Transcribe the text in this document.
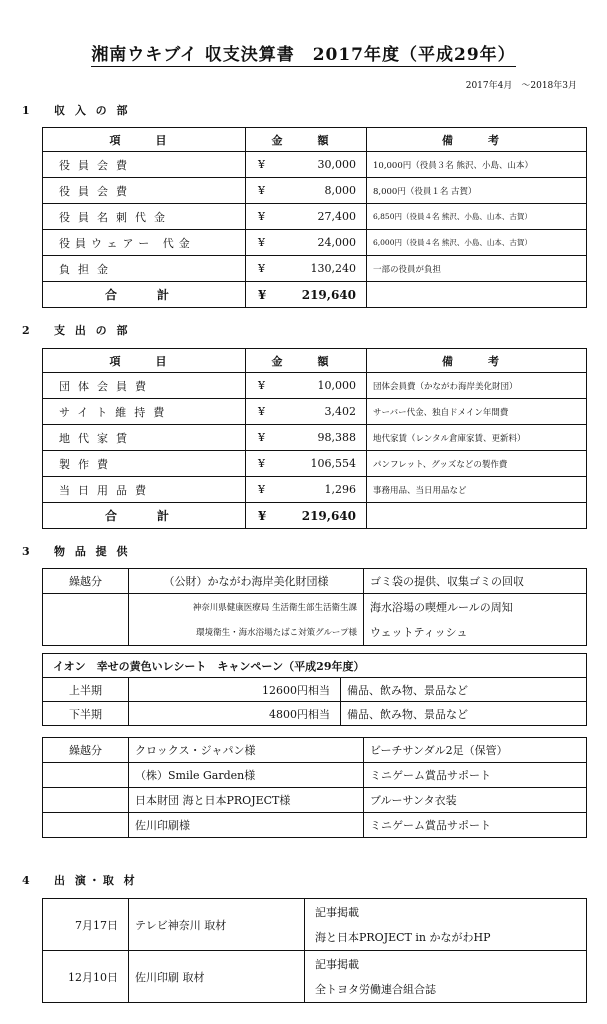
湘南ウキブイ 収支決算書　2017年度（平成29年）
2017年4月　～2018年3月
1 収 入 の 部
項　目	金　額	備　考
役員会費	¥ 30,000	10,000円（役員３名 熊沢、小島、山本）
役員会費	¥ 8,000	8,000円（役員１名 古賀）
役員名刺代金	¥ 27,400	6,850円（役員４名 熊沢、小島、山本、古賀）
役員ウェアー 代金	¥ 24,000	6,000円（役員４名 熊沢、小島、山本、古賀）
負担金	¥ 130,240	一部の役員が負担
合　計	¥ 219,640	
2 支 出 の 部
項　目	金　額	備　考
団体会員費	¥ 10,000	団体会員費（かながわ海岸美化財団）
サイト維持費	¥ 3,402	サーバー代金、独自ドメイン年間費
地代家賃	¥ 98,388	地代家賃（レンタル倉庫家賃、更新料）
製作費	¥ 106,554	パンフレット、グッズなどの製作費
当日用品費	¥ 1,296	事務用品、当日用品など
合　計	¥ 219,640	
3 物 品 提 供
繰越分	（公財）かながわ海岸美化財団様	ゴミ袋の提供、収集ゴミの回収
	神奈川県健康医療局 生活衛生部生活衛生課	海水浴場の喫煙ルールの周知
	環境衛生・海水浴場たばこ対策グループ様	ウェットティッシュ
イオン　幸せの黄色いレシート　キャンペーン（平成29年度）		
上半期	12600円相当	備品、飲み物、景品など
下半期	4800円相当	備品、飲み物、景品など
繰越分	クロックス・ジャパン様	ビーチサンダル2足（保管）
	（株）Smile Garden様	ミニゲーム賞品サポート
	日本財団 海と日本PROJECT様	ブルーサンタ衣装
	佐川印刷様	ミニゲーム賞品サポート
4 出 演・取 材
7月17日	テレビ神奈川 取材	記事掲載
		海と日本PROJECT in かながわHP
12月10日	佐川印刷 取材	記事掲載
		全トヨタ労働連合組合誌
